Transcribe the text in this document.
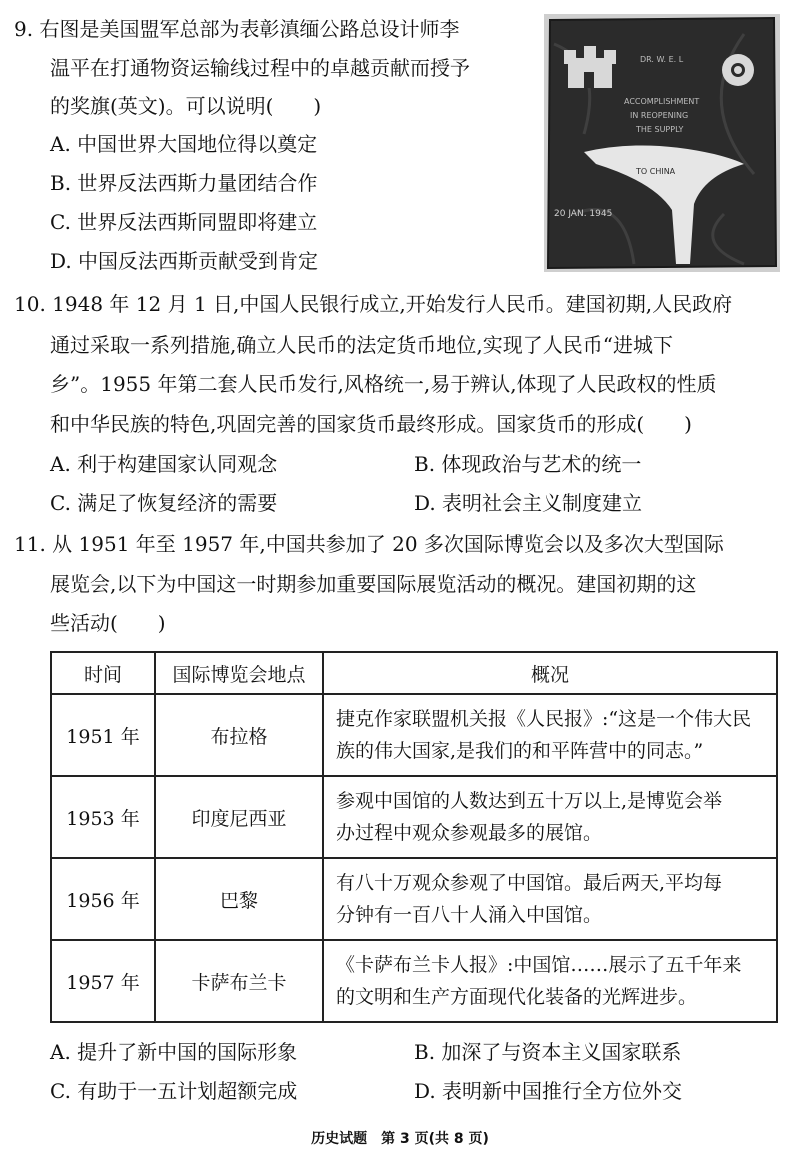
9. 右图是美国盟军总部为表彰滇缅公路总设计师李
温平在打通物资运输线过程中的卓越贡献而授予
的奖旗(英文)。可以说明(　　)
A. 中国世界大国地位得以奠定
B. 世界反法西斯力量团结合作
C. 世界反法西斯同盟即将建立
D. 中国反法西斯贡献受到肯定
DR. W. E. L
ACCOMPLISHMENT
IN REOPENING
THE SUPPLY
TO CHINA
20 JAN. 1945
10. 1948 年 12 月 1 日,中国人民银行成立,开始发行人民币。建国初期,人民政府
通过采取一系列措施,确立人民币的法定货币地位,实现了人民币“进城下
乡”。1955 年第二套人民币发行,风格统一,易于辨认,体现了人民政权的性质
和中华民族的特色,巩固完善的国家货币最终形成。国家货币的形成(　　)
A. 利于构建国家认同观念	B. 体现政治与艺术的统一
C. 满足了恢复经济的需要	D. 表明社会主义制度建立
11. 从 1951 年至 1957 年,中国共参加了 20 多次国际博览会以及多次大型国际
展览会,以下为中国这一时期参加重要国际展览活动的概况。建国初期的这
些活动(　　)
时间	国际博览会地点	概况
1951 年	布拉格	捷克作家联盟机关报《人民报》:“这是一个伟大民
族的伟大国家,是我们的和平阵营中的同志。”

1953 年	印度尼西亚	参观中国馆的人数达到五十万以上,是博览会举
办过程中观众参观最多的展馆。

1956 年	巴黎	有八十万观众参观了中国馆。最后两天,平均每
分钟有一百八十人涌入中国馆。

1957 年	卡萨布兰卡	《卡萨布兰卡人报》:中国馆……展示了五千年来
的文明和生产方面现代化装备的光辉进步。
A. 提升了新中国的国际形象	B. 加深了与资本主义国家联系
C. 有助于一五计划超额完成	D. 表明新中国推行全方位外交
历史试题　第 3 页(共 8 页)
